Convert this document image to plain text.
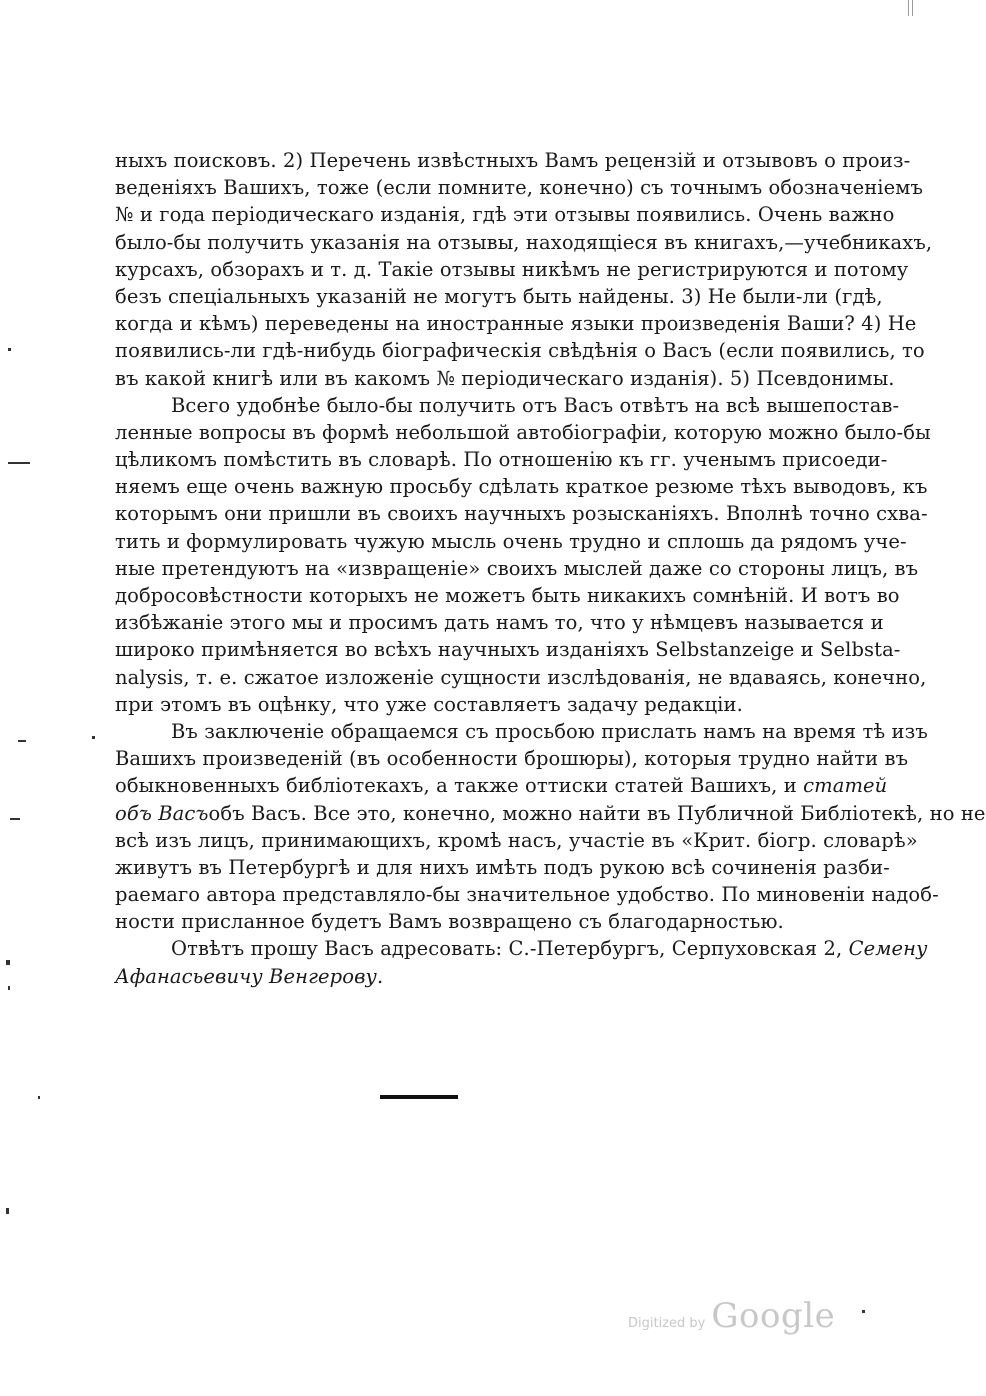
ныхъ поисковъ. 2) Перечень извѣстныхъ Вамъ рецензій и отзывовъ о произ-
веденіяхъ Вашихъ, тоже (если помните, конечно) съ точнымъ обозначеніемъ
№ и года періодическаго изданія, гдѣ эти отзывы появились. Очень важно
было-бы получить указанія на отзывы, находящіеся въ книгахъ,—учебникахъ,
курсахъ, обзорахъ и т. д. Такіе отзывы никѣмъ не регистрируются и потому
безъ спеціальныхъ указаній не могутъ быть найдены. 3) Не были-ли (гдѣ,
когда и кѣмъ) переведены на иностранные языки произведенія Ваши? 4) Не
появились-ли гдѣ-нибудь біографическія свѣдѣнія о Васъ (если появились, то
въ какой книгѣ или въ какомъ № періодическаго изданія). 5) Псевдонимы.
Всего удобнѣе было-бы получить отъ Васъ отвѣтъ на всѣ вышепостав-
ленные вопросы въ формѣ небольшой автобіографіи, которую можно было-бы
цѣликомъ помѣстить въ словарѣ. По отношенію къ гг. ученымъ присоеди-
няемъ еще очень важную просьбу сдѣлать краткое резюме тѣхъ выводовъ, къ
которымъ они пришли въ своихъ научныхъ розысканіяхъ. Вполнѣ точно схва-
тить и формулировать чужую мысль очень трудно и сплошь да рядомъ уче-
ные претендуютъ на «извращеніе» своихъ мыслей даже со стороны лицъ, въ
добросовѣстности которыхъ не можетъ быть никакихъ сомнѣній. И вотъ во
избѣжаніе этого мы и просимъ дать намъ то, что у нѣмцевъ называется и
широко примѣняется во всѣхъ научныхъ изданіяхъ Selbstanzeige и Selbsta-
nalysis, т. е. сжатое изложеніе сущности изслѣдованія, не вдаваясь, конечно,
при этомъ въ оцѣнку, что уже составляетъ задачу редакціи.
Въ заключеніе обращаемся съ просьбою прислать намъ на время тѣ изъ
Вашихъ произведеній (въ особенности брошюры), которыя трудно найти въ
обыкновенныхъ библіотекахъ, а также оттиски статей Вашихъ, и статей
объ Васъобъ Васъ. Все это, конечно, можно найти въ Публичной Библіотекѣ, но не
всѣ изъ лицъ, принимающихъ, кромѣ насъ, участіе въ «Крит. біогр. словарѣ»
живутъ въ Петербургѣ и для нихъ имѣть подъ рукою всѣ сочиненія разби-
раемаго автора представляло-бы значительное удобство. По миновеніи надоб-
ности присланное будетъ Вамъ возвращено съ благодарностью.
Отвѣтъ прошу Васъ адресовать: С.-Петербургъ, Серпуховская 2, Семену
Афанасьевичу Венгерову.
Digitized by Google
